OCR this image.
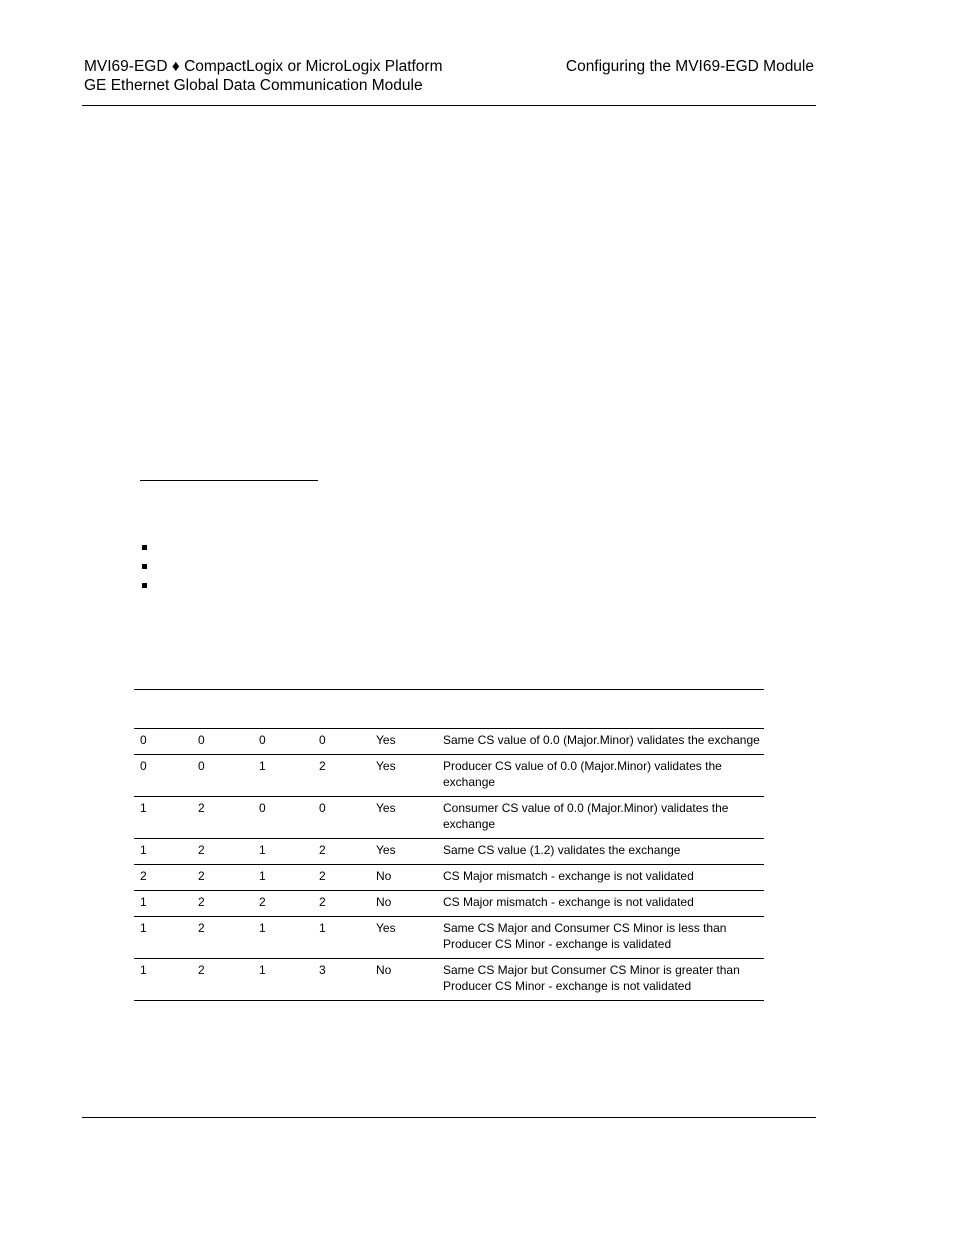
MVI69-EGD ♦ CompactLogix or MicroLogix Platform
GE Ethernet Global Data Communication Module
Configuring the MVI69-EGD Module

0	0	0	0	Yes	Same CS value of 0.0 (Major.Minor) validates the exchange
0	0	1	2	Yes	Producer CS value of 0.0 (Major.Minor) validates the exchange
1	2	0	0	Yes	Consumer CS value of 0.0 (Major.Minor) validates the exchange
1	2	1	2	Yes	Same CS value (1.2) validates the exchange
2	2	1	2	No	CS Major mismatch - exchange is not validated
1	2	2	2	No	CS Major mismatch - exchange is not validated
1	2	1	1	Yes	Same CS Major and Consumer CS Minor is less than Producer CS Minor - exchange is validated
1	2	1	3	No	Same CS Major but Consumer CS Minor is greater than Producer CS Minor - exchange is not validated
